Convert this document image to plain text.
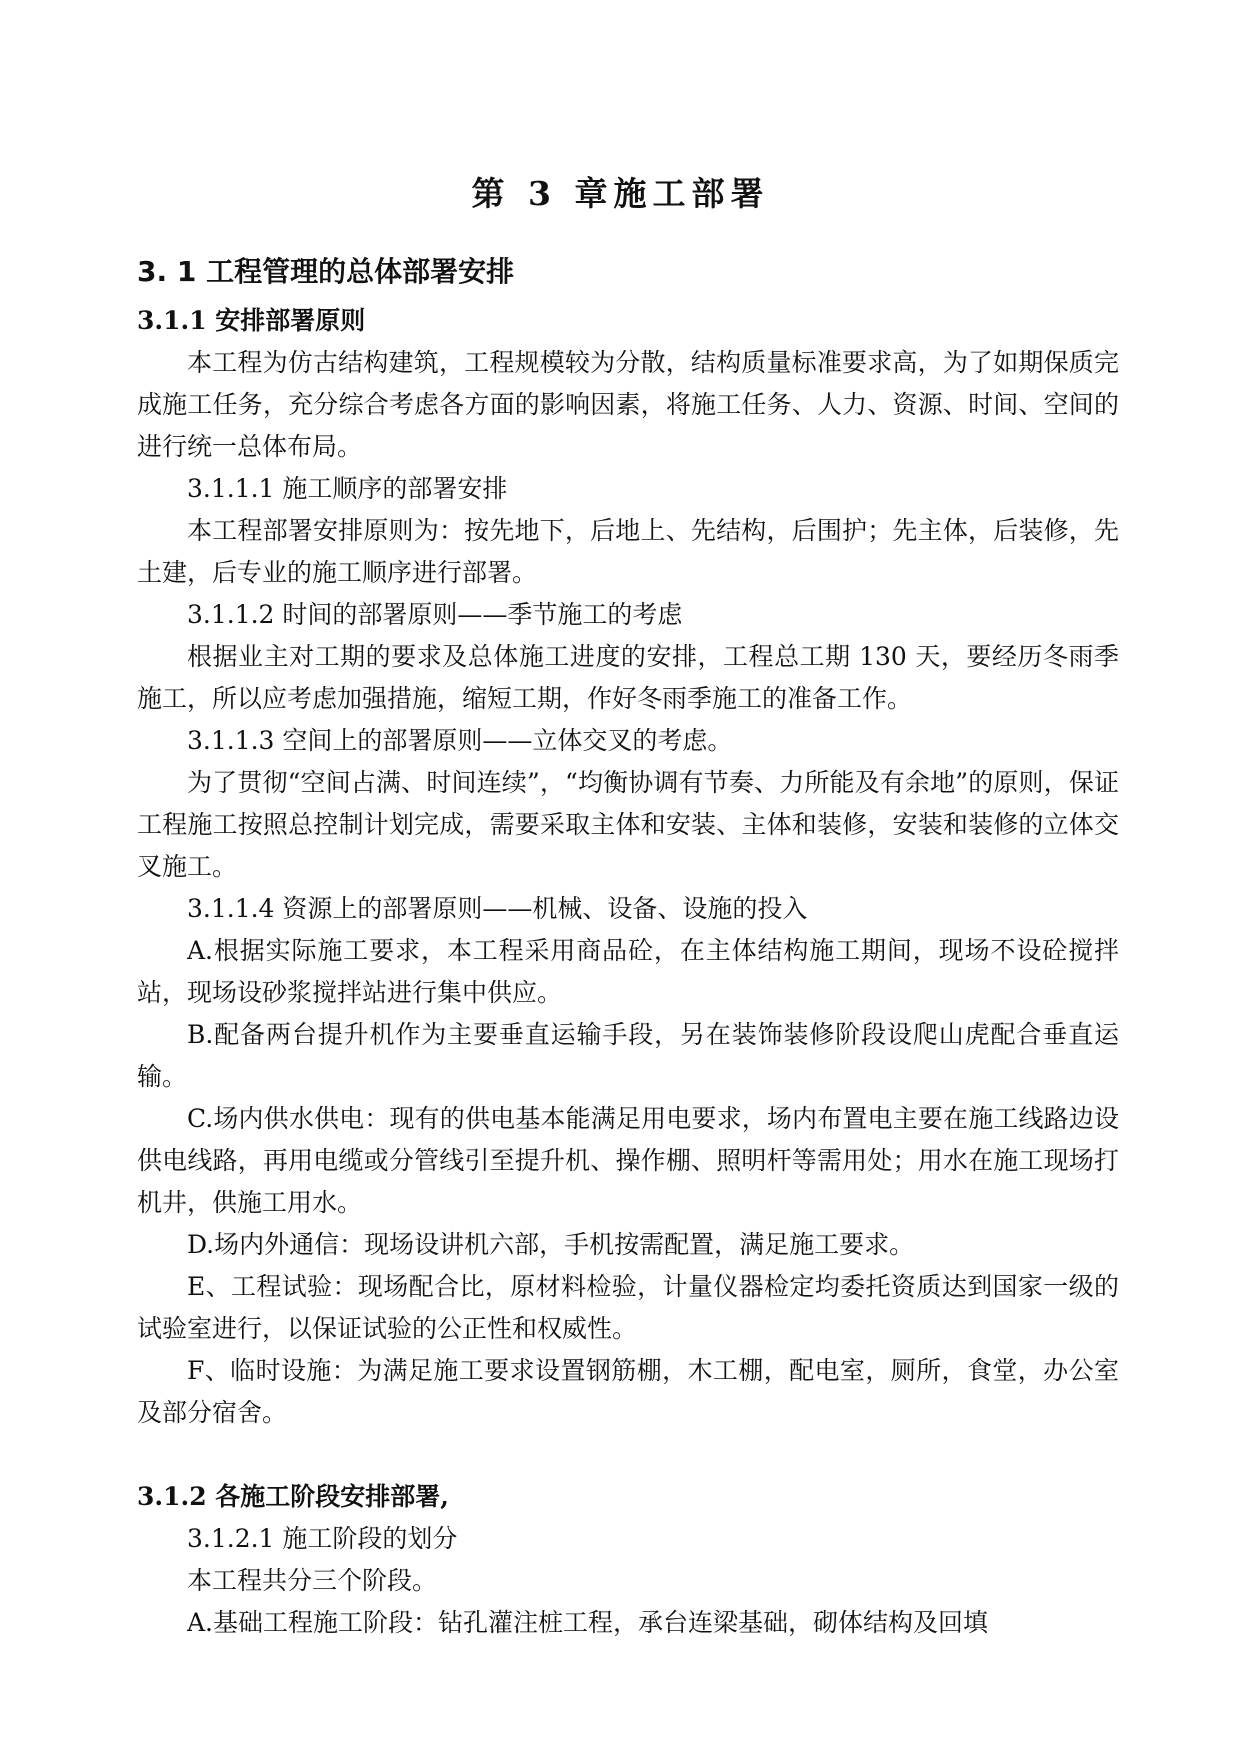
第 3 章施工部署
3. 1 工程管理的总体部署安排

3.1.1 安排部署原则

本工程为仿古结构建筑，工程规模较为分散，结构质量标准要求高，为了如期保质完成施工任务，充分综合考虑各方面的影响因素，将施工任务、人力、资源、时间、空间的进行统一总体布局。

3.1.1.1 施工顺序的部署安排

本工程部署安排原则为：按先地下，后地上、先结构，后围护；先主体，后装修，先土建，后专业的施工顺序进行部署。

3.1.1.2 时间的部署原则——季节施工的考虑

根据业主对工期的要求及总体施工进度的安排，工程总工期 130 天，要经历冬雨季施工，所以应考虑加强措施，缩短工期，作好冬雨季施工的准备工作。

3.1.1.3 空间上的部署原则——立体交叉的考虑。

为了贯彻“空间占满、时间连续”，“均衡协调有节奏、力所能及有余地”的原则，保证工程施工按照总控制计划完成，需要采取主体和安装、主体和装修，安装和装修的立体交叉施工。

3.1.1.4 资源上的部署原则——机械、设备、设施的投入

A.根据实际施工要求，本工程采用商品砼，在主体结构施工期间，现场不设砼搅拌站，现场设砂浆搅拌站进行集中供应。

B.配备两台提升机作为主要垂直运输手段，另在装饰装修阶段设爬山虎配合垂直运输。

C.场内供水供电：现有的供电基本能满足用电要求，场内布置电主要在施工线路边设供电线路，再用电缆或分管线引至提升机、操作棚、照明杆等需用处；用水在施工现场打机井，供施工用水。

D.场内外通信：现场设讲机六部，手机按需配置，满足施工要求。

E、工程试验：现场配合比，原材料检验，计量仪器检定均委托资质达到国家一级的试验室进行，以保证试验的公正性和权威性。

F、临时设施：为满足施工要求设置钢筋棚，木工棚，配电室，厕所，食堂，办公室及部分宿舍。

3.1.2 各施工阶段安排部署,

3.1.2.1 施工阶段的划分

本工程共分三个阶段。

A.基础工程施工阶段：钻孔灌注桩工程，承台连梁基础，砌体结构及回填
